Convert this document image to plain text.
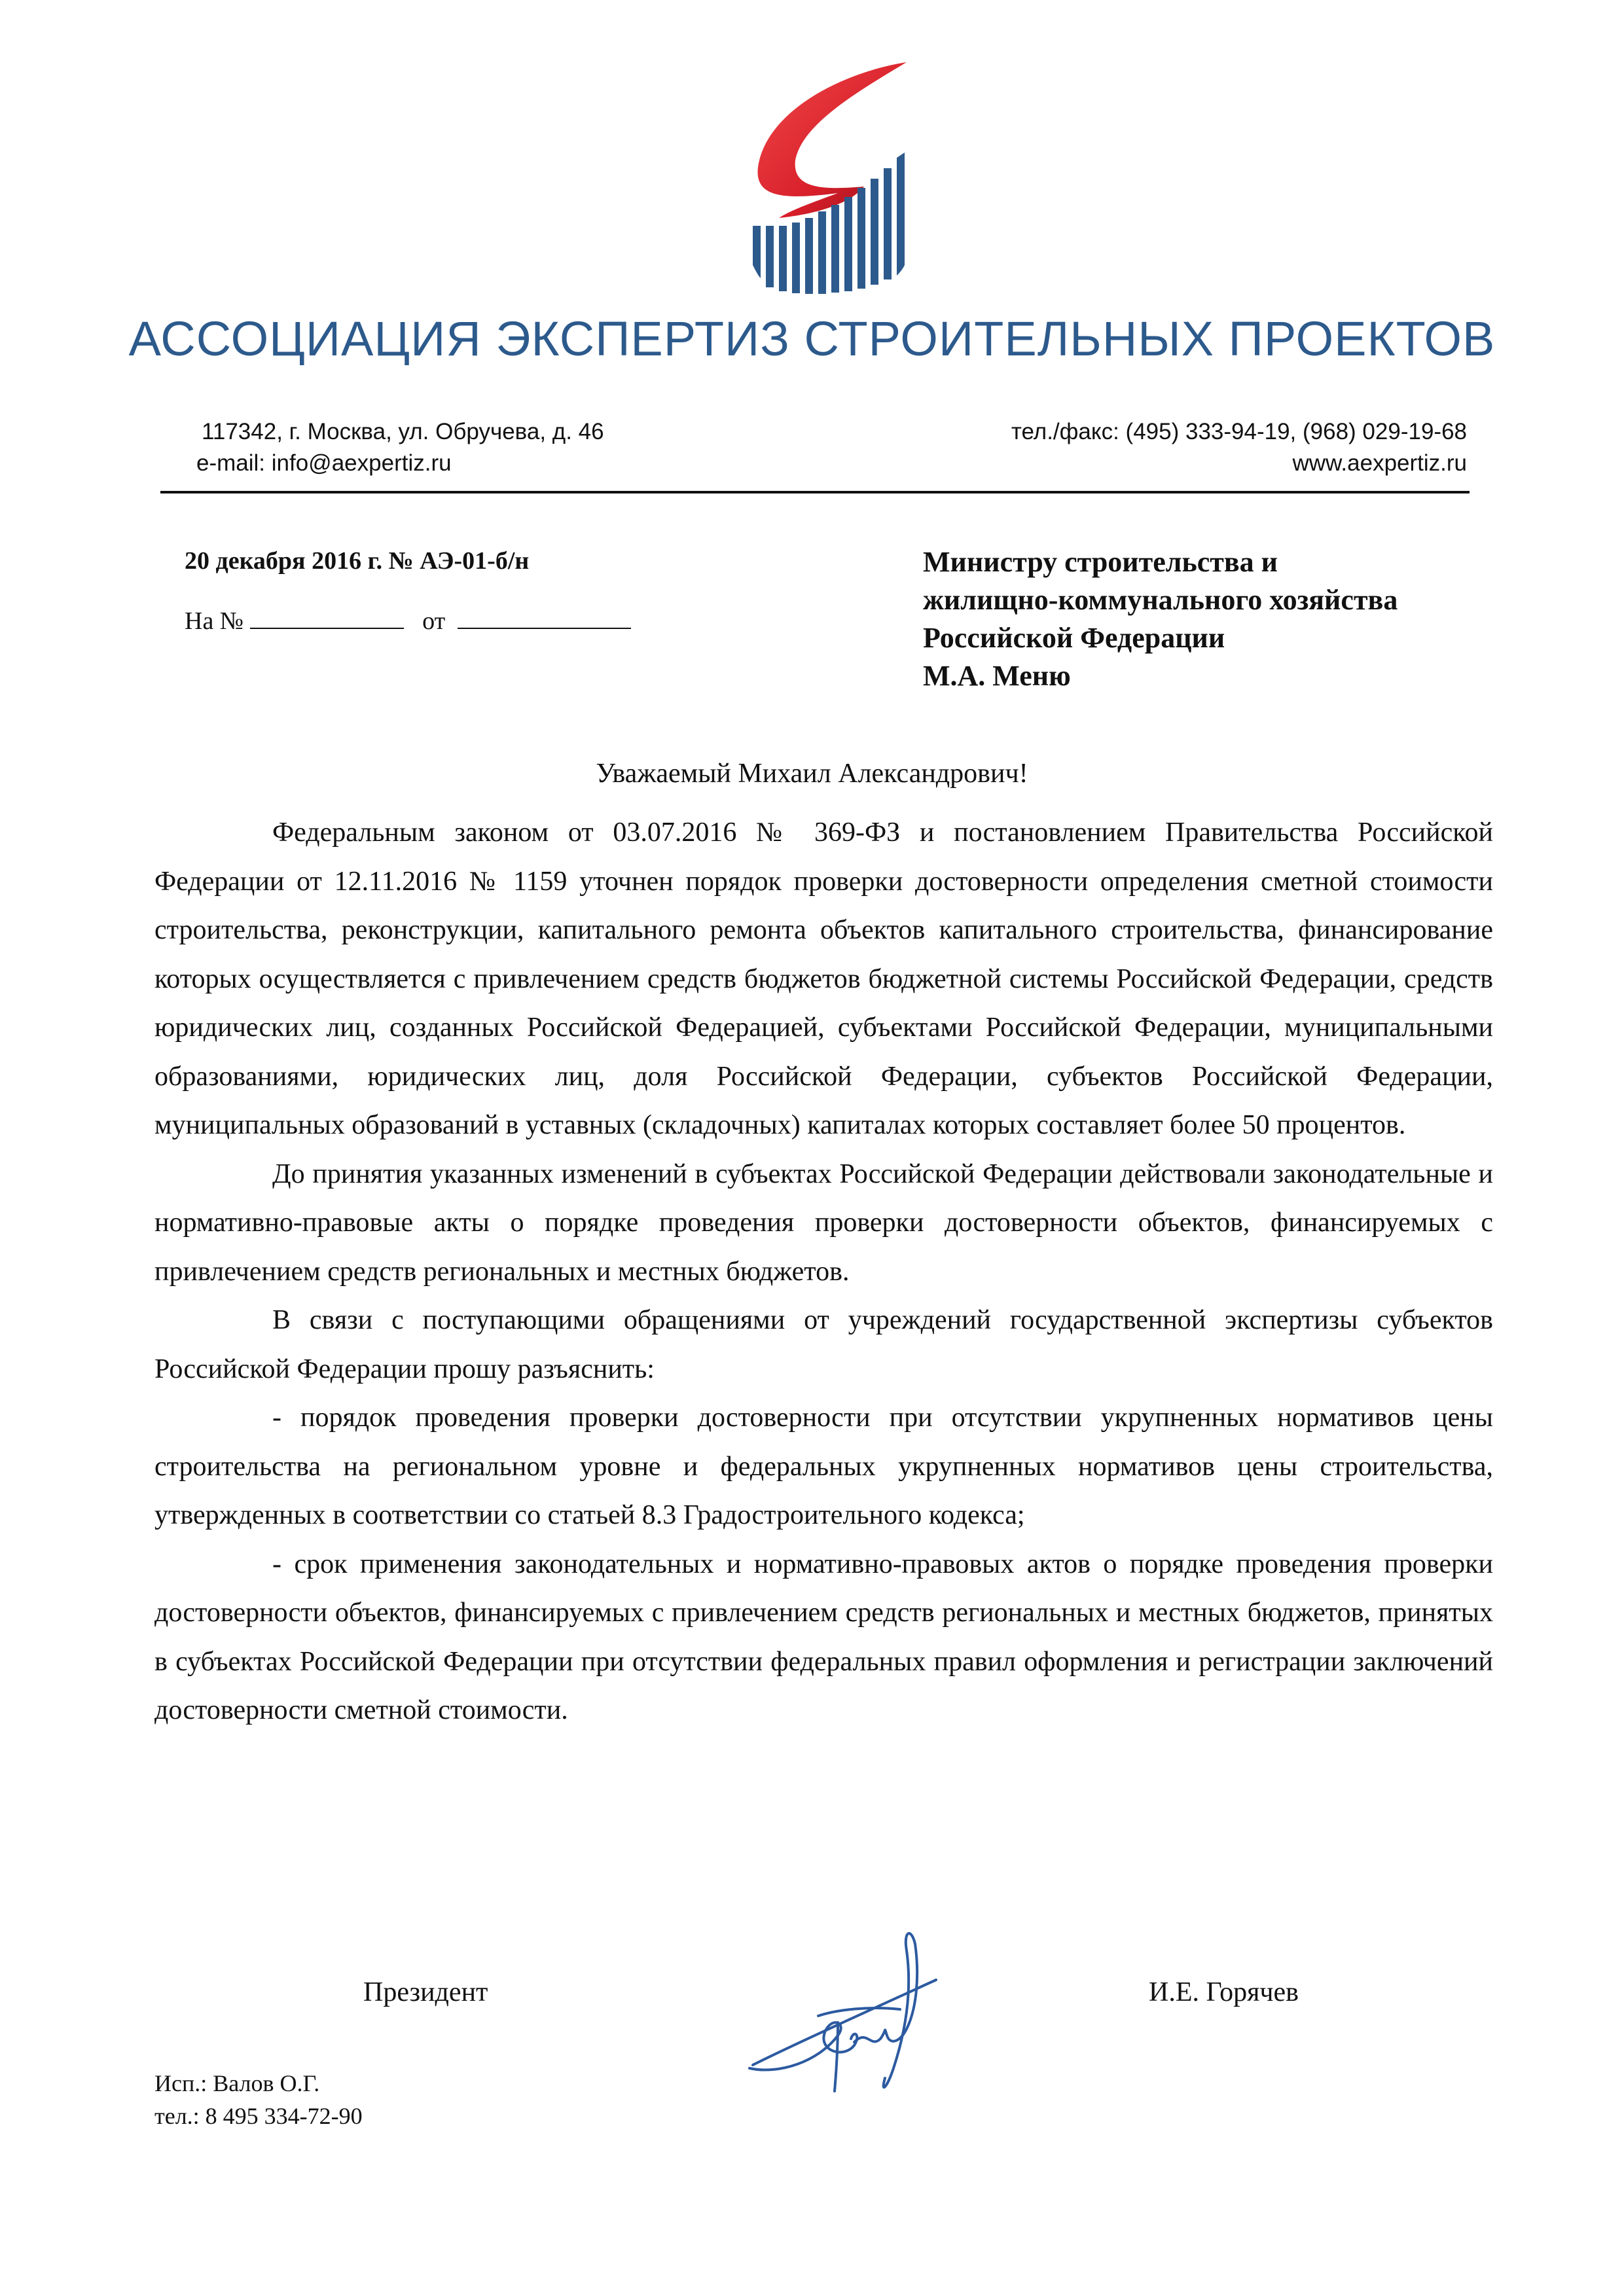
АССОЦИАЦИЯ ЭКСПЕРТИЗ СТРОИТЕЛЬНЫХ ПРОЕКТОВ
117342, г. Москва, ул. Обручева, д. 46
e-mail: info@aexpertiz.ru
тел./факс: (495) 333-94-19, (968) 029-19-68
www.aexpertiz.ru
20 декабря 2016 г. № АЭ-01-б/н
На №	от
Министру строительства и
жилищно-коммунального хозяйства
Российской Федерации
М.А. Меню
Уважаемый Михаил Александрович!

Федеральным законом от 03.07.2016 № 369-ФЗ и постановлением Правительства Российской Федерации от 12.11.2016 № 1159 уточнен порядок проверки достоверности определения сметной стоимости строительства, реконструкции, капитального ремонта объектов капитального строительства, финансирование которых осуществляется с привлечением средств бюджетов бюджетной системы Российской Федерации, средств юридических лиц, созданных Российской Федерацией, субъектами Российской Федерации, муниципальными образованиями, юридических лиц, доля Российской Федерации, субъектов Российской Федерации, муниципальных образований в уставных (складочных) капиталах которых составляет более 50 процентов.

До принятия указанных изменений в субъектах Российской Федерации действовали законодательные и нормативно-правовые акты о порядке проведения проверки достоверности объектов, финансируемых с привлечением средств региональных и местных бюджетов.

В связи с поступающими обращениями от учреждений государственной экспертизы субъектов Российской Федерации прошу разъяснить:

- порядок проведения проверки достоверности при отсутствии укрупненных нормативов цены строительства на региональном уровне и федеральных укрупненных нормативов цены строительства, утвержденных в соответствии со статьей 8.3 Градостроительного кодекса;

- срок применения законодательных и нормативно-правовых актов о порядке проведения проверки достоверности объектов, финансируемых с привлечением средств региональных и местных бюджетов, принятых в субъектах Российской Федерации при отсутствии федеральных правил оформления и регистрации заключений достоверности сметной стоимости.

Президент	И.Е. Горячев
Исп.: Валов О.Г.
тел.: 8 495 334-72-90
